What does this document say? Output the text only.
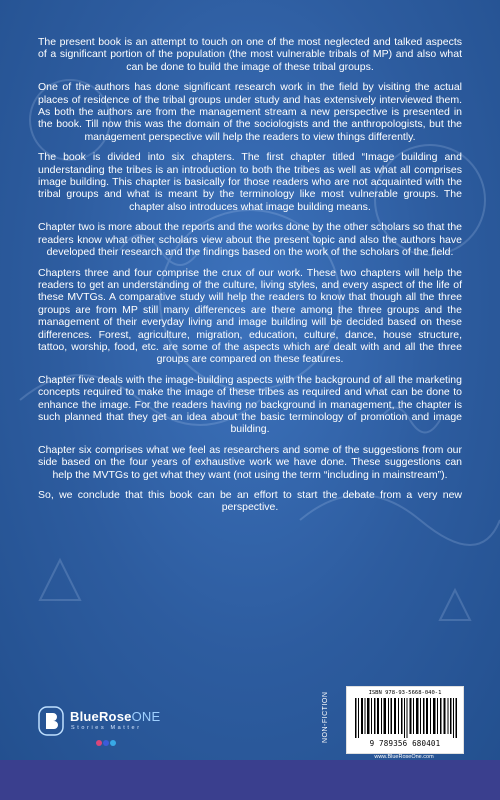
The present book is an attempt to touch on one of the most neglected and talked aspects of a significant portion of the population (the most vulnerable tribals of MP) and also what can be done to build the image of these tribal groups.

One of the authors has done significant research work in the field by visiting the actual places of residence of the tribal groups under study and has extensively interviewed them. As both the authors are from the management stream a new perspective is presented in the book. Till now this was the domain of the sociologists and the anthropologists, but the management perspective will help the readers to view things differently.

The book is divided into six chapters. The first chapter titled “Image building and understanding the tribes is an introduction to both the tribes as well as what all comprises image building. This chapter is basically for those readers who are not acquainted with the tribal groups and what is meant by the terminology like most vulnerable groups. The chapter also introduces what image building means.

Chapter two is more about the reports and the works done by the other scholars so that the readers know what other scholars view about the present topic and also the authors have developed their research and the findings based on the work of the scholars of the field.

Chapters three and four comprise the crux of our work. These two chapters will help the readers to get an understanding of the culture, living styles, and every aspect of the life of these MVTGs. A comparative study will help the readers to know that though all the three groups are from MP still many differences are there among the three groups and the management of their everyday living and image building will be decided based on these differences. Forest, agriculture, migration, education, culture, dance, house structure, tattoo, worship, food, etc. are some of the aspects which are dealt with and all the three groups are compared on these features.

Chapter five deals with the image-building aspects with the background of all the marketing concepts required to make the image of these tribes as required and what can be done to enhance the image. For the readers having no background in management, the chapter is such planned that they get an idea about the basic terminology of promotion and image building.

Chapter six comprises what we feel as researchers and some of the suggestions from our side based on the four years of exhaustive work we have done. These suggestions can help the MVTGs to get what they want (not using the term “including in mainstream”).

So, we conclude that this book can be an effort to start the debate from a very new perspective.

BlueRoseONE
Stories Matter	NON-FICTION	ISBN 978-93-5668-040-1
9 789356 680401
www.BlueRoseOne.com
